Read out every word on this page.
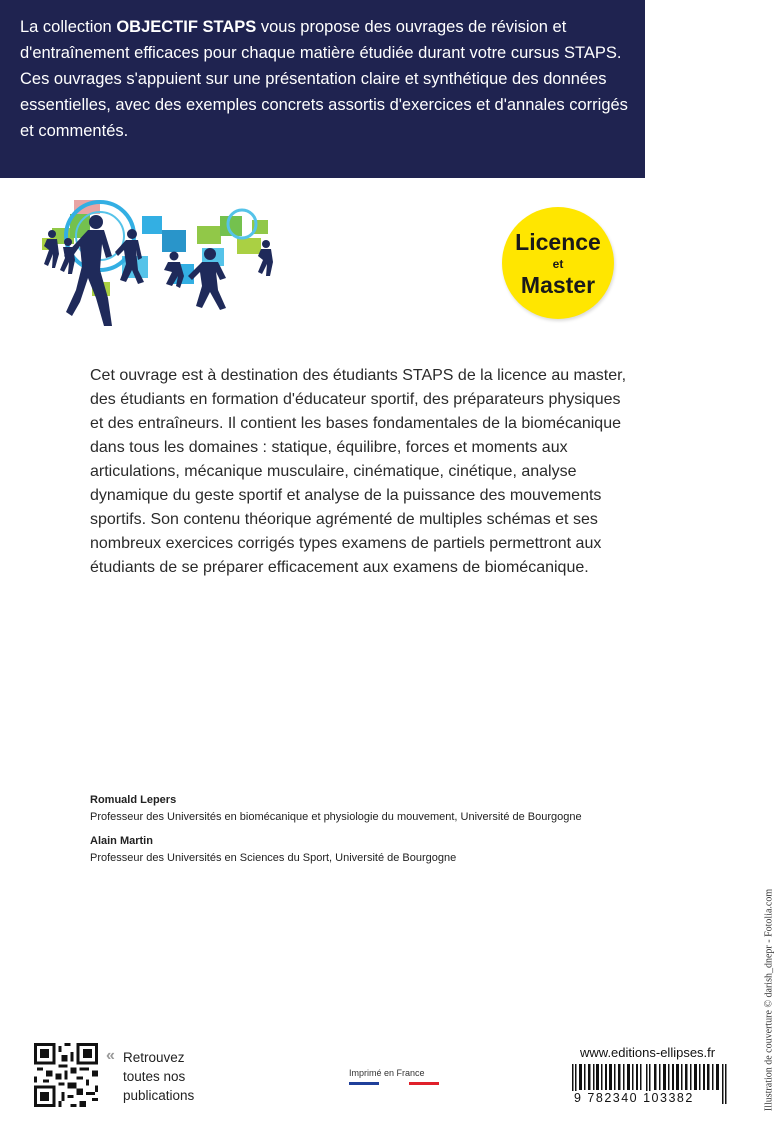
La collection OBJECTIF STAPS vous propose des ouvrages de révision et d'entraînement efficaces pour chaque matière étudiée durant votre cursus STAPS. Ces ouvrages s'appuient sur une présentation claire et synthétique des données essentielles, avec des exemples concrets assortis d'exercices et d'annales corrigés et commentés.
Licence
et
Master

Cet ouvrage est à destination des étudiants STAPS de la licence au master, des étudiants en formation d'éducateur sportif, des préparateurs physiques et des entraîneurs. Il contient les bases fondamentales de la biomécanique dans tous les domaines : statique, équilibre, forces et moments aux articulations, mécanique musculaire, cinématique, cinétique, analyse dynamique du geste sportif et analyse de la puissance des mouvements sportifs. Son contenu théorique agrémenté de multiples schémas et ses nombreux exercices corrigés types examens de partiels permettront aux étudiants de se préparer efficacement aux examens de biomécanique.

Romuald Lepers
Professeur des Universités en biomécanique et physiologie du mouvement, Université de Bourgogne
Alain Martin
Professeur des Universités en Sciences du Sport, Université de Bourgogne
Illustration de couverture © darish_dnepr - Fotolia.com
« Retrouvez
toutes nos
publications
Imprimé en France
www.editions-ellipses.fr
9 782340 103382
